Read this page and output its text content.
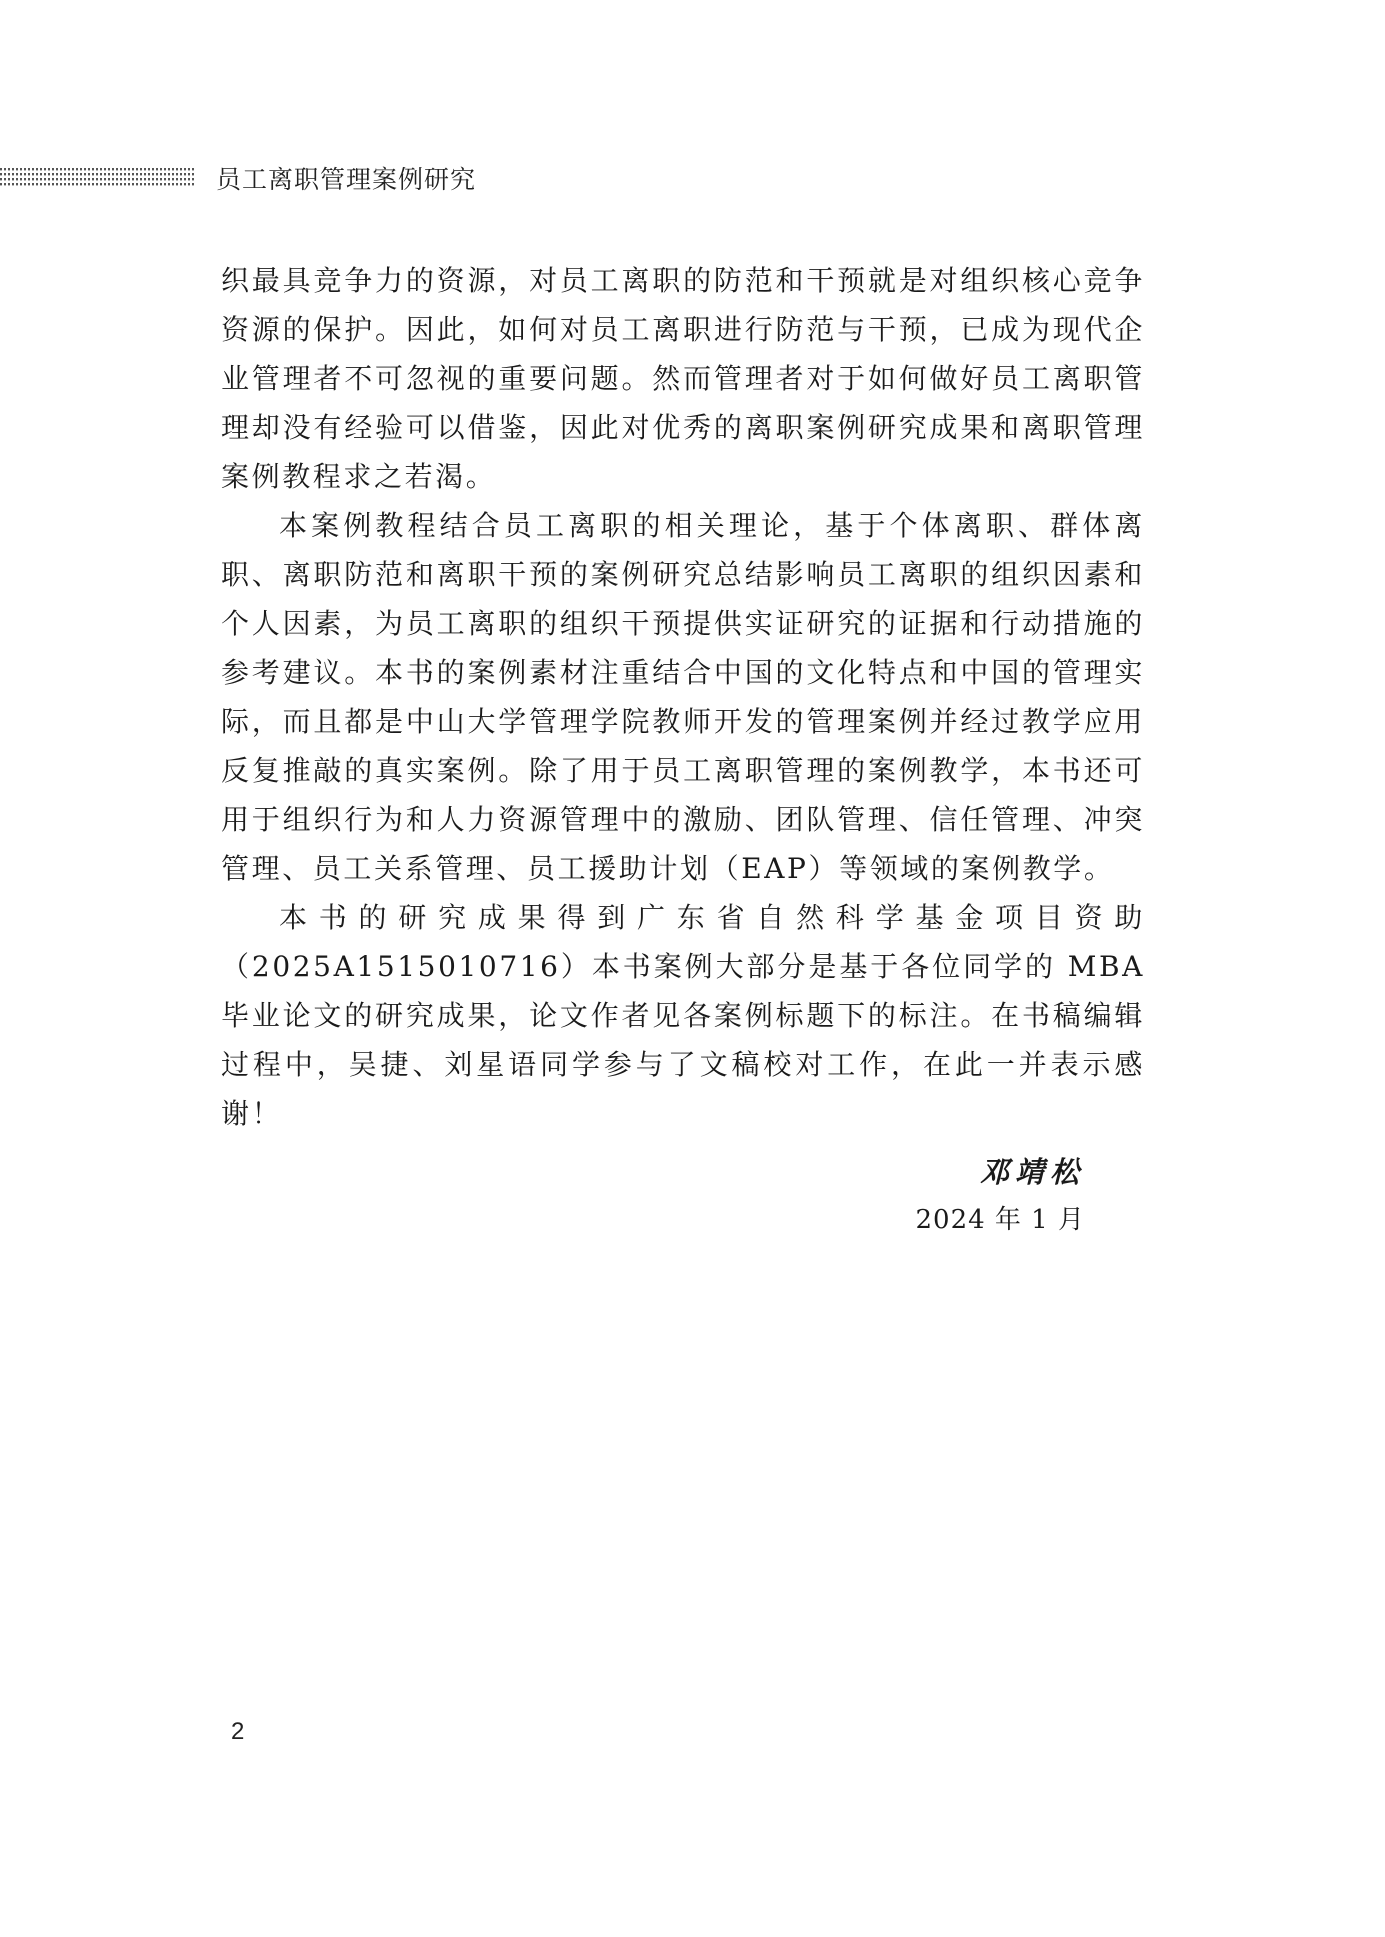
员工离职管理案例研究

织最具竞争力的资源，对员工离职的防范和干预就是对组织核心竞争资源的保护。因此，如何对员工离职进行防范与干预，已成为现代企业管理者不可忽视的重要问题。然而管理者对于如何做好员工离职管理却没有经验可以借鉴，因此对优秀的离职案例研究成果和离职管理案例教程求之若渴。

本案例教程结合员工离职的相关理论，基于个体离职、群体离职、离职防范和离职干预的案例研究总结影响员工离职的组织因素和个人因素，为员工离职的组织干预提供实证研究的证据和行动措施的参考建议。本书的案例素材注重结合中国的文化特点和中国的管理实际，而且都是中山大学管理学院教师开发的管理案例并经过教学应用反复推敲的真实案例。除了用于员工离职管理的案例教学，本书还可用于组织行为和人力资源管理中的激励、团队管理、信任管理、冲突管理、员工关系管理、员工援助计划（EAP）等领域的案例教学。

本书的研究成果得到广东省自然科学基金项目资助（2025A1515010716）本书案例大部分是基于各位同学的 MBA 毕业论文的研究成果，论文作者见各案例标题下的标注。在书稿编辑过程中，吴捷、刘星语同学参与了文稿校对工作，在此一并表示感谢！

邓靖松
2024 年 1 月
2
